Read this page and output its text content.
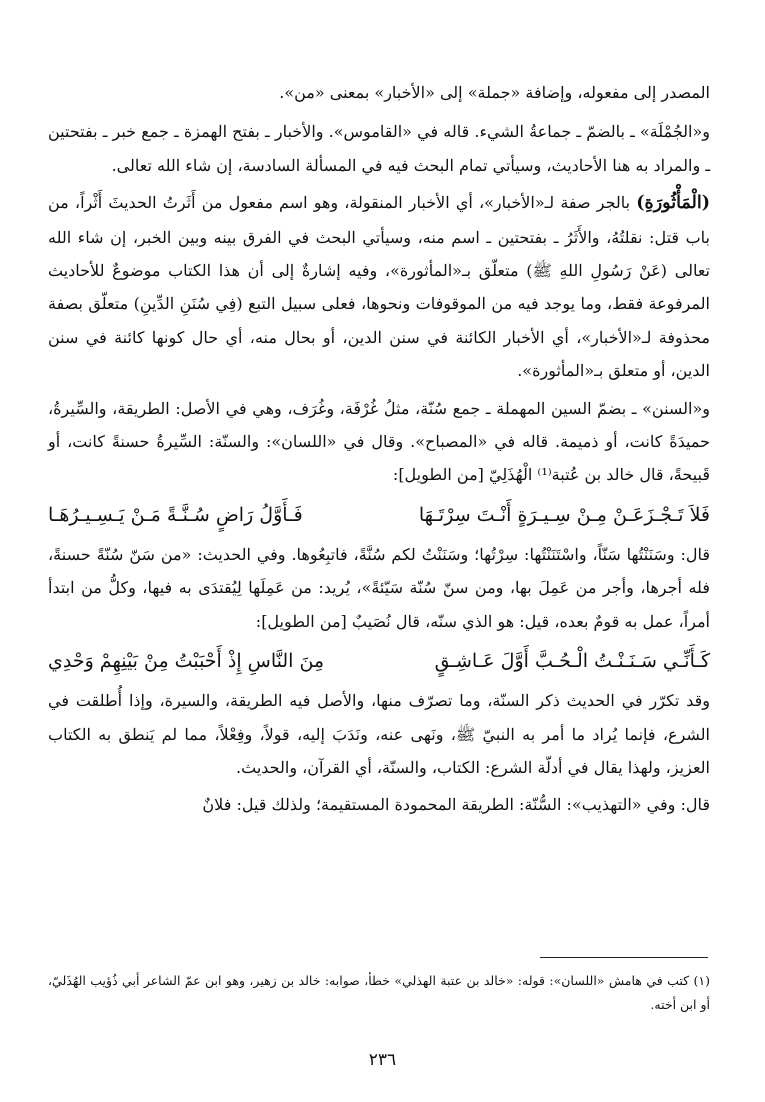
المصدر إلى مفعوله، وإضافة «جملة» إلى «الأخبار» بمعنى «من».

و«الجُمْلَة» ـ بالضمّ ـ جماعةُ الشيء. قاله في «القاموس». والأخبار ـ بفتح الهمزة ـ جمع خبر ـ بفتحتين ـ والمراد به هنا الأحاديث، وسيأتي تمام البحث فيه في المسألة السادسة، إن شاء الله تعالى.

(الْمَأْثُورَةِ) بالجر صفة لـ«الأخبار»، أي الأخبار المنقولة، وهو اسم مفعول من أَثَرتُ الحديثَ أَثْراً، من باب قتل: نقلتُهُ، والأَثَرُ ـ بفتحتين ـ اسم منه، وسيأتي البحث في الفرق بينه وبين الخبر، إن شاء الله تعالى (عَنْ رَسُولِ اللهِ ﷺ) متعلّق بـ«المأثورة»، وفيه إشارةٌ إلى أن هذا الكتاب موضوعٌ للأحاديث المرفوعة فقط، وما يوجد فيه من الموقوفات ونحوها، فعلى سبيل التبع (فِي سُنَنِ الدِّينِ) متعلّق بصفة محذوفة لـ«الأخبار»، أي الأخبار الكائنة في سنن الدين، أو بحال منه، أي حال كونها كائنة في سنن الدين، أو متعلق بـ«المأثورة».

و«السنن» ـ بضمّ السين المهملة ـ جمع سُنّة، مثلُ غُرْفَة، وغُرَف، وهي في الأصل: الطريقة، والسِّيرةُ، حميدَةً كانت، أو ذميمة. قاله في «المصباح». وقال في «اللسان»: والسنّة: السِّيرةُ حسنةً كانت، أو قَبيحةً، قال خالد بن عُتبة⁽¹⁾ الْهُذَلِيّ [من الطويل]:

فَلاَ تَـجْـزَعَـنْ مِـنْ سِـيـرَةٍ أَنْـتَ سِرْتَـهَا
فَـأَوَّلُ رَاضٍ سُـنَّـةً مَـنْ يَـسِـيـرُهَـا

قال: وسَنَنْتُها سَنّاً، واسْتَنَنْتُها: سِرْتُها؛ وسَنَنْتُ لكم سُنَّةً، فاتبِعُوها. وفي الحديث: «من سَنّ سُنّةً حسنةً، فله أجرها، وأجر من عَمِلَ بها، ومن سنّ سُنّة سَيّئةً»، يُريد: من عَمِلَها لِيُقتدَى به فيها، وكلُّ من ابتدأ أمراً، عمل به قومٌ بعده، قيل: هو الذي سنّه، قال نُصَيبٌ [من الطويل]:

كَـأَنِّـي سَـنَـنْـتُ الْـحُـبَّ أَوَّلَ عَـاشِـقٍ
مِنَ النَّاسِ إِذْ أَحْبَبْتُ مِنْ بَيْنِهِمْ وَحْدِي

وقد تكرّر في الحديث ذكر السنّة، وما تصرّف منها، والأصل فيه الطريقة، والسيرة، وإذا أُطلقت في الشرع، فإنما يُراد ما أمر به النبيّ ﷺ، ونَهى عنه، ونَدَبَ إليه، قولاً، وفِعْلاً، مما لم يَنطق به الكتاب العزيز، ولهذا يقال في أدلّة الشرع: الكتاب، والسنّة، أي القرآن، والحديث.

قال: وفي «التهذيب»: السُّنّة: الطريقة المحمودة المستقيمة؛ ولذلك قيل: فلانٌ

(١) كتب في هامش «اللسان»: قوله: «خالد بن عتبة الهذلي» خطأ، صوابه: خالد بن زهير، وهو ابن عمّ الشاعر أبي ذُؤيب الهُذَليّ، أو ابن أخته.

٢٣٦
